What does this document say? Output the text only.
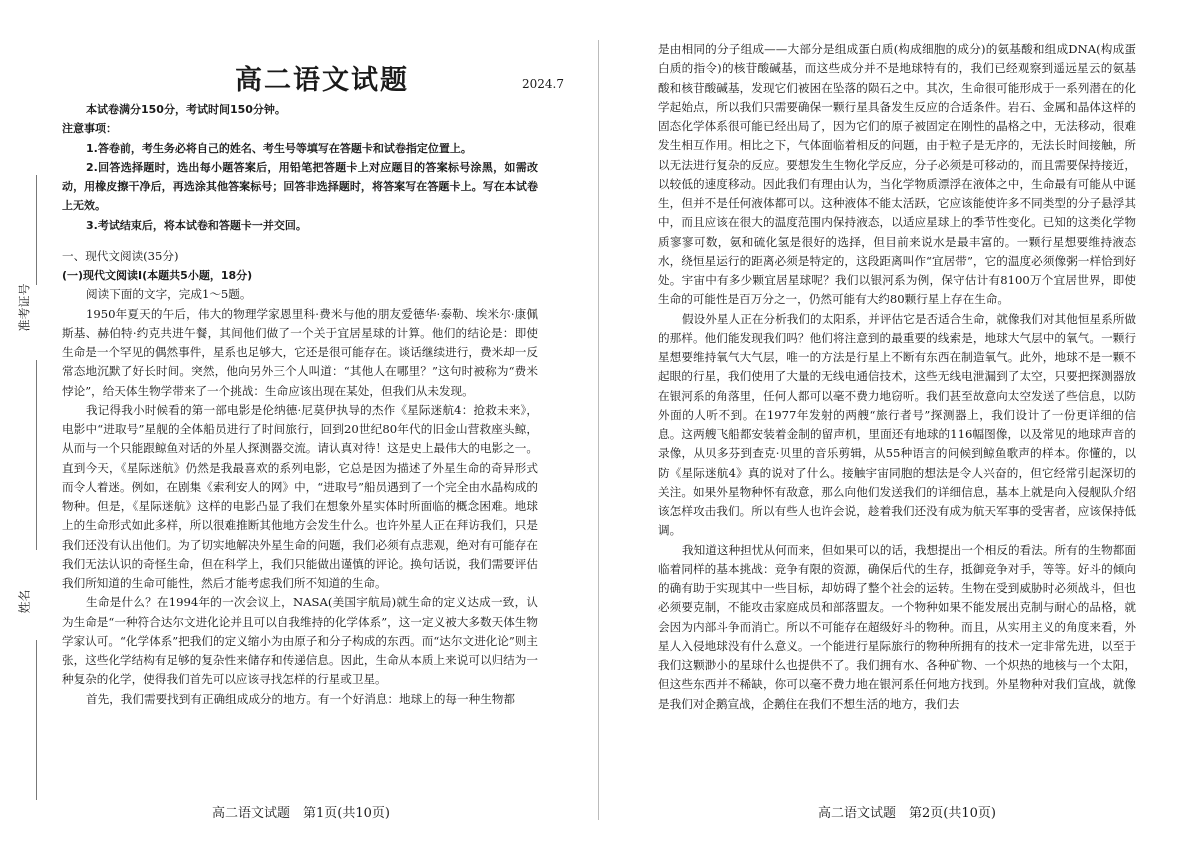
准考证号
姓名
高二语文试题	2024.7

本试卷满分150分，考试时间150分钟。

注意事项：

1.答卷前，考生务必将自己的姓名、考生号等填写在答题卡和试卷指定位置上。

2.回答选择题时，选出每小题答案后，用铅笔把答题卡上对应题目的答案标号涂黑，如需改动，用橡皮擦干净后，再选涂其他答案标号；回答非选择题时，将答案写在答题卡上。写在本试卷上无效。

3.考试结束后，将本试卷和答题卡一并交回。

一、现代文阅读(35分)

(一)现代文阅读Ⅰ(本题共5小题，18分)

阅读下面的文字，完成1～5题。

1950年夏天的午后，伟大的物理学家恩里科·费米与他的朋友爱德华·泰勒、埃米尔·康佩斯基、赫伯特·约克共进午餐，其间他们做了一个关于宜居星球的计算。他们的结论是：即使生命是一个罕见的偶然事件，星系也足够大，它还是很可能存在。谈话继续进行，费米却一反常态地沉默了好长时间。突然，他向另外三个人叫道：“其他人在哪里？”这句时被称为“费米悖论”，给天体生物学带来了一个挑战：生命应该出现在某处，但我们从未发现。

我记得我小时候看的第一部电影是伦纳德·尼莫伊执导的杰作《星际迷航4：抢救未来》，电影中“进取号”星舰的全体船员进行了时间旅行，回到20世纪80年代的旧金山营救座头鲸，从而与一个只能跟鲸鱼对话的外星人探测器交流。请认真对待！这是史上最伟大的电影之一。直到今天，《星际迷航》仍然是我最喜欢的系列电影，它总是因为描述了外星生命的奇异形式而令人着迷。例如，在剧集《索利安人的网》中，“进取号”船员遇到了一个完全由水晶构成的物种。但是，《星际迷航》这样的电影凸显了我们在想象外星实体时所面临的概念困难。地球上的生命形式如此多样，所以很难推断其他地方会发生什么。也许外星人正在拜访我们，只是我们还没有认出他们。为了切实地解决外星生命的问题，我们必须有点悲观，绝对有可能存在我们无法认识的奇怪生命，但在科学上，我们只能做出谨慎的评论。换句话说，我们需要评估我们所知道的生命可能性，然后才能考虑我们所不知道的生命。

生命是什么？在1994年的一次会议上，NASA(美国宇航局)就生命的定义达成一致，认为生命是“一种符合达尔文进化论并且可以自我维持的化学体系”，这一定义被大多数天体生物学家认可。“化学体系”把我们的定义缩小为由原子和分子构成的东西。而“达尔文进化论”则主张，这些化学结构有足够的复杂性来储存和传递信息。因此，生命从本质上来说可以归结为一种复杂的化学，使得我们首先可以应该寻找怎样的行星或卫星。

首先，我们需要找到有正确组成成分的地方。有一个好消息：地球上的每一种生物都

高二语文试题　第1页(共10页)

是由相同的分子组成——大部分是组成蛋白质(构成细胞的成分)的氨基酸和组成DNA(构成蛋白质的指令)的核苷酸碱基，而这些成分并不是地球特有的，我们已经观察到遥远星云的氨基酸和核苷酸碱基，发现它们被困在坠落的陨石之中。其次，生命很可能形成于一系列潜在的化学起始点，所以我们只需要确保一颗行星具备发生反应的合适条件。岩石、金属和晶体这样的固态化学体系很可能已经出局了，因为它们的原子被固定在刚性的晶格之中，无法移动，很难发生相互作用。相比之下，气体面临着相反的问题，由于粒子是无序的，无法长时间接触，所以无法进行复杂的反应。要想发生生物化学反应，分子必须是可移动的，而且需要保持接近，以较低的速度移动。因此我们有理由认为，当化学物质漂浮在液体之中，生命最有可能从中诞生，但并不是任何液体都可以。这种液体不能太活跃，它应该能使许多不同类型的分子悬浮其中，而且应该在很大的温度范围内保持液态，以适应星球上的季节性变化。已知的这类化学物质寥寥可数，氨和硫化氢是很好的选择，但目前来说水是最丰富的。一颗行星想要维持液态水，绕恒星运行的距离必须是特定的，这段距离叫作“宜居带”，它的温度必须像粥一样恰到好处。宇宙中有多少颗宜居星球呢？我们以银河系为例，保守估计有8100万个宜居世界，即使生命的可能性是百万分之一，仍然可能有大约80颗行星上存在生命。

假设外星人正在分析我们的太阳系，并评估它是否适合生命，就像我们对其他恒星系所做的那样。他们能发现我们吗？他们将注意到的最重要的线索是，地球大气层中的氧气。一颗行星想要维持氧气大气层，唯一的方法是行星上不断有东西在制造氧气。此外，地球不是一颗不起眼的行星，我们使用了大量的无线电通信技术，这些无线电泄漏到了太空，只要把探测器放在银河系的角落里，任何人都可以毫不费力地窃听。我们甚至故意向太空发送了些信息，以防外面的人听不到。在1977年发射的两艘“旅行者号”探测器上，我们设计了一份更详细的信息。这两艘飞船都安装着金制的留声机，里面还有地球的116幅图像，以及常见的地球声音的录像，从贝多芬到查克·贝里的音乐剪辑，从55种语言的问候到鲸鱼歌声的样本。你懂的，以防《星际迷航4》真的说对了什么。接触宇宙同胞的想法是令人兴奋的，但它经常引起深切的关注。如果外星物种怀有敌意，那么向他们发送我们的详细信息，基本上就是向入侵舰队介绍该怎样攻击我们。所以有些人也许会说，趁着我们还没有成为航天军事的受害者，应该保持低调。

我知道这种担忧从何而来，但如果可以的话，我想提出一个相反的看法。所有的生物都面临着同样的基本挑战：竞争有限的资源，确保后代的生存，抵御竞争对手，等等。好斗的倾向的确有助于实现其中一些目标，却妨碍了整个社会的运转。生物在受到威胁时必须战斗，但也必须要克制，不能攻击家庭成员和部落盟友。一个物种如果不能发展出克制与耐心的品格，就会因为内部斗争而消亡。所以不可能存在超级好斗的物种。而且，从实用主义的角度来看，外星人入侵地球没有什么意义。一个能进行星际旅行的物种所拥有的技术一定非常先进，以至于我们这颗渺小的星球什么也提供不了。我们拥有水、各种矿物、一个炽热的地核与一个太阳，但这些东西并不稀缺，你可以毫不费力地在银河系任何地方找到。外星物种对我们宣战，就像是我们对企鹅宣战，企鹅住在我们不想生活的地方，我们去

高二语文试题　第2页(共10页)
